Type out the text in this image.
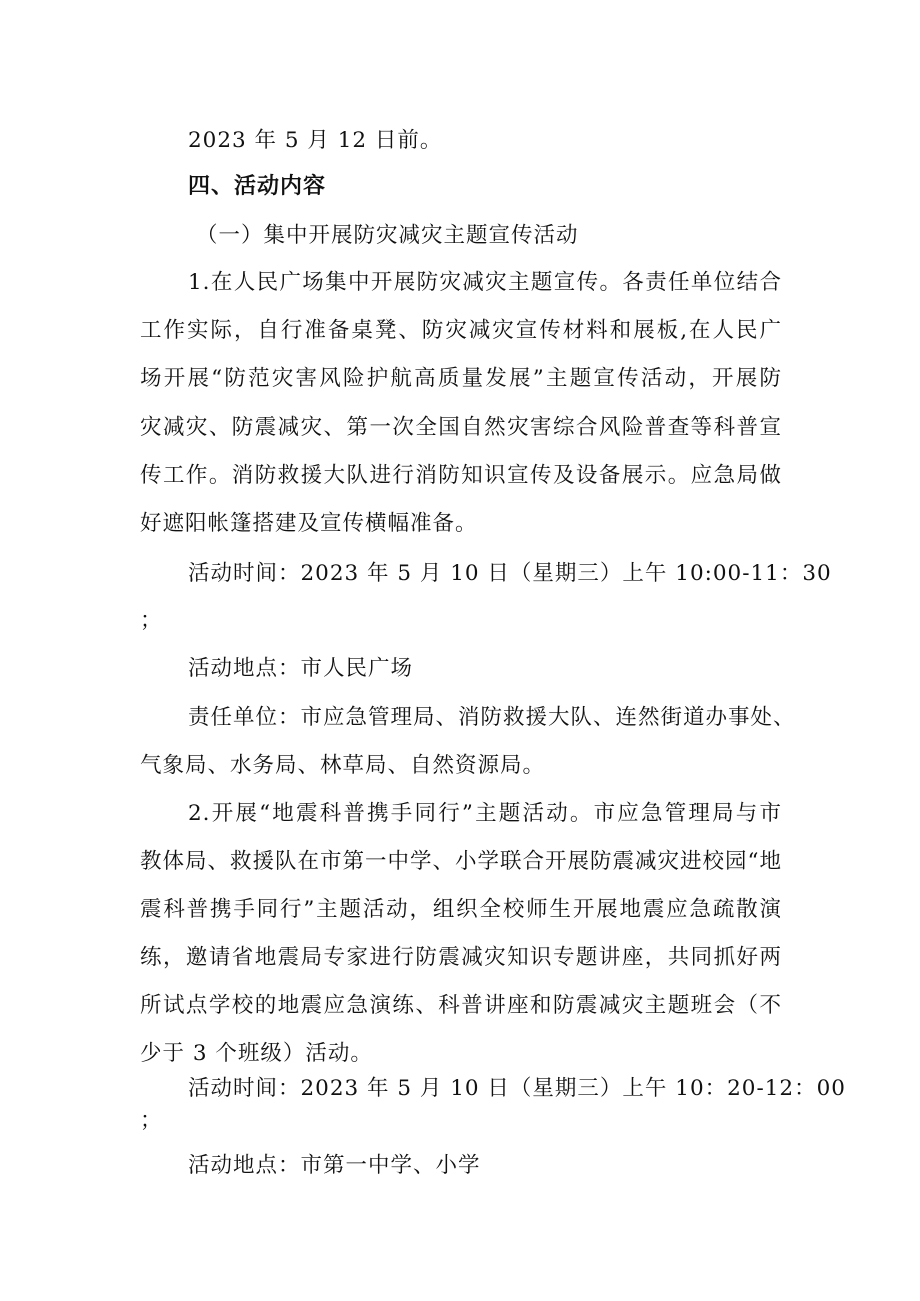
2023 年 5 月 12 日前。
四、活动内容
（一）集中开展防灾减灾主题宣传活动
1.在人民广场集中开展防灾减灾主题宣传。各责任单位结合
工作实际，自行准备桌凳、防灾减灾宣传材料和展板,在人民广
场开展“防范灾害风险护航高质量发展”主题宣传活动，开展防
灾减灾、防震减灾、第一次全国自然灾害综合风险普查等科普宣
传工作。消防救援大队进行消防知识宣传及设备展示。应急局做
好遮阳帐篷搭建及宣传横幅准备。
活动时间：2023 年 5 月 10 日（星期三）上午 10:00-11：30
；
活动地点：市人民广场
责任单位：市应急管理局、消防救援大队、连然街道办事处、
气象局、水务局、林草局、自然资源局。
2.开展“地震科普携手同行”主题活动。市应急管理局与市
教体局、救援队在市第一中学、小学联合开展防震减灾进校园“地
震科普携手同行”主题活动，组织全校师生开展地震应急疏散演
练，邀请省地震局专家进行防震减灾知识专题讲座，共同抓好两
所试点学校的地震应急演练、科普讲座和防震减灾主题班会（不
少于 3 个班级）活动。
活动时间：2023 年 5 月 10 日（星期三）上午 10：20-12：00
；
活动地点：市第一中学、小学
